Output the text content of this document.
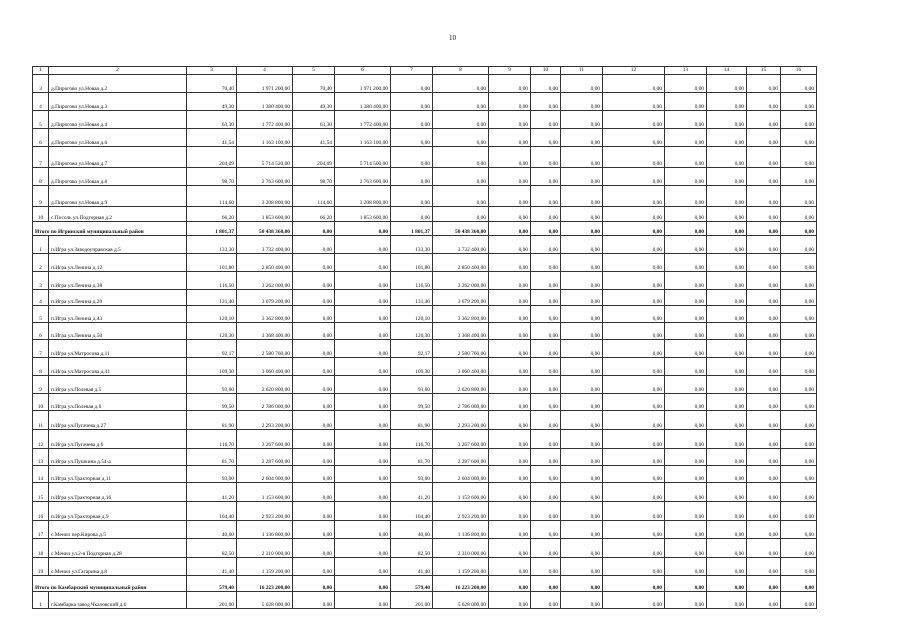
10
1	2	3	4	5	6	7	8	9	10	11	12	13	14	15	16
3	д.Пирогово ул.Новая д.2	70,40	1 971 200,00	70,40	1 971 200,00	0,00	0,00	0,00	0,00	0,00	0,00	0,00	0,00	0,00	0,00
4	д.Пирогово ул.Новая д.3	49,30	1 380 400,00	49,30	1 380 400,00	0,00	0,00	0,00	0,00	0,00	0,00	0,00	0,00	0,00	0,00
5	д.Пирогово ул.Новая д.4	63,30	1 772 400,00	63,30	1 772 400,00	0,00	0,00	0,00	0,00	0,00	0,00	0,00	0,00	0,00	0,00
6	д.Пирогово ул.Новая д.6	41,54	1 163 100,00	41,54	1 163 100,00	0,00	0,00	0,00	0,00	0,00	0,00	0,00	0,00	0,00	0,00
7	д.Пирогово ул.Новая д.7	204,09	5 714 520,00	204,09	5 714 500,00	0,00	0,00	0,00	0,00	0,00	0,00	0,00	0,00	0,00	0,00
8	д.Пирогово ул.Новая д.8	98,70	2 763 600,00	98,70	2 763 600,00	0,00	0,00	0,00	0,00	0,00	0,00	0,00	0,00	0,00	0,00
9	д.Пирогово ул.Новая д.9	114,60	3 208 800,00	114,60	3 208 800,00	0,00	0,00	0,00	0,00	0,00	0,00	0,00	0,00	0,00	0,00
10	с.Посоль ул.Подгорная д.2	66,20	1 853 600,00	66,20	1 853 600,00	0,00	0,00	0,00	0,00	0,00	0,00	0,00	0,00	0,00	0,00
Итого по Игринский муниципальный район		1 801,37	50 438 360,00	0,00	0,00	1 801,37	50 438 360,00	0,00	0,00	0,00	0,00	0,00	0,00	0,00	0,00
1	п.Игра ул.Заводоуправская д.5	133,30	3 732 400,00	0,00	0,00	133,30	3 732 400,00	0,00	0,00	0,00	0,00	0,00	0,00	0,00	0,00
2	п.Игра ул.Ленина д.12	101,80	2 850 400,00	0,00	0,00	101,80	2 850 400,00	0,00	0,00	0,00	0,00	0,00	0,00	0,00	0,00
3	п.Игра ул.Ленина д.38	116,50	3 262 000,00	0,00	0,00	116,50	3 262 000,00	0,00	0,00	0,00	0,00	0,00	0,00	0,00	0,00
4	п.Игра ул.Ленина д.20	131,40	3 679 200,00	0,00	0,00	131,40	3 679 200,00	0,00	0,00	0,00	0,00	0,00	0,00	0,00	0,00
5	п.Игра ул.Ленина д.43	120,10	3 362 800,00	0,00	0,00	120,10	3 362 800,00	0,00	0,00	0,00	0,00	0,00	0,00	0,00	0,00
6	п.Игра ул.Ленина д.50	120,30	3 368 400,00	0,00	0,00	120,30	3 368 400,00	0,00	0,00	0,00	0,00	0,00	0,00	0,00	0,00
7	п.Игра ул.Матросова д.11	92,17	2 580 760,00	0,00	0,00	92,17	2 580 760,00	0,00	0,00	0,00	0,00	0,00	0,00	0,00	0,00
8	п.Игра ул.Матросова д.41	109,30	3 060 400,00	0,00	0,00	109,30	3 060 400,00	0,00	0,00	0,00	0,00	0,00	0,00	0,00	0,00
9	п.Игра ул.Полевая д.5	93,60	2 620 800,00	0,00	0,00	93,60	2 620 800,00	0,00	0,00	0,00	0,00	0,00	0,00	0,00	0,00
10	п.Игра ул.Полевая д.6	99,50	2 786 000,00	0,00	0,00	99,50	2 786 000,00	0,00	0,00	0,00	0,00	0,00	0,00	0,00	0,00
11	п.Игра ул.Пугачева д.27	81,90	2 293 200,00	0,00	0,00	81,90	2 293 200,00	0,00	0,00	0,00	0,00	0,00	0,00	0,00	0,00
12	п.Игра ул.Пугачева д.6	116,70	3 267 600,00	0,00	0,00	116,70	3 267 600,00	0,00	0,00	0,00	0,00	0,00	0,00	0,00	0,00
13	п.Игра ул.Пушкина д.54-а	81,70	2 287 600,00	0,00	0,00	81,70	2 287 600,00	0,00	0,00	0,00	0,00	0,00	0,00	0,00	0,00
14	п.Игра ул.Тракторная д.11	93,00	2 604 000,00	0,00	0,00	93,00	2 604 000,00	0,00	0,00	0,00	0,00	0,00	0,00	0,00	0,00
15	п.Игра ул.Тракторная д.16	41,20	1 153 600,00	0,00	0,00	41,20	1 153 600,00	0,00	0,00	0,00	0,00	0,00	0,00	0,00	0,00
16	п.Игра ул.Тракторная д.9	104,40	2 923 200,00	0,00	0,00	104,40	2 923 200,00	0,00	0,00	0,00	0,00	0,00	0,00	0,00	0,00
17	с.Менил пер.Кирова д.5	40,60	1 136 800,00	0,00	0,00	40,60	1 136 800,00	0,00	0,00	0,00	0,00	0,00	0,00	0,00	0,00
18	с.Менил ул.2-я Подгорная д.28	82,50	2 310 000,00	0,00	0,00	82,50	2 310 000,00	0,00	0,00	0,00	0,00	0,00	0,00	0,00	0,00
19	с.Менил ул.Гагарина д.8	41,40	1 159 200,00	0,00	0,00	41,40	1 159 200,00	0,00	0,00	0,00	0,00	0,00	0,00	0,00	0,00
Итого по Камбарский муниципальный район		579,40	16 223 200,00	0,00	0,00	579,40	16 223 200,00	0,00	0,00	0,00	0,00	0,00	0,00	0,00	0,00
1	г.Камбарка завод Чкаловский д.6	201,00	5 628 000,00	0,00	0,00	201,00	5 628 000,00	0,00	0,00	0,00	0,00	0,00	0,00	0,00	0,00
